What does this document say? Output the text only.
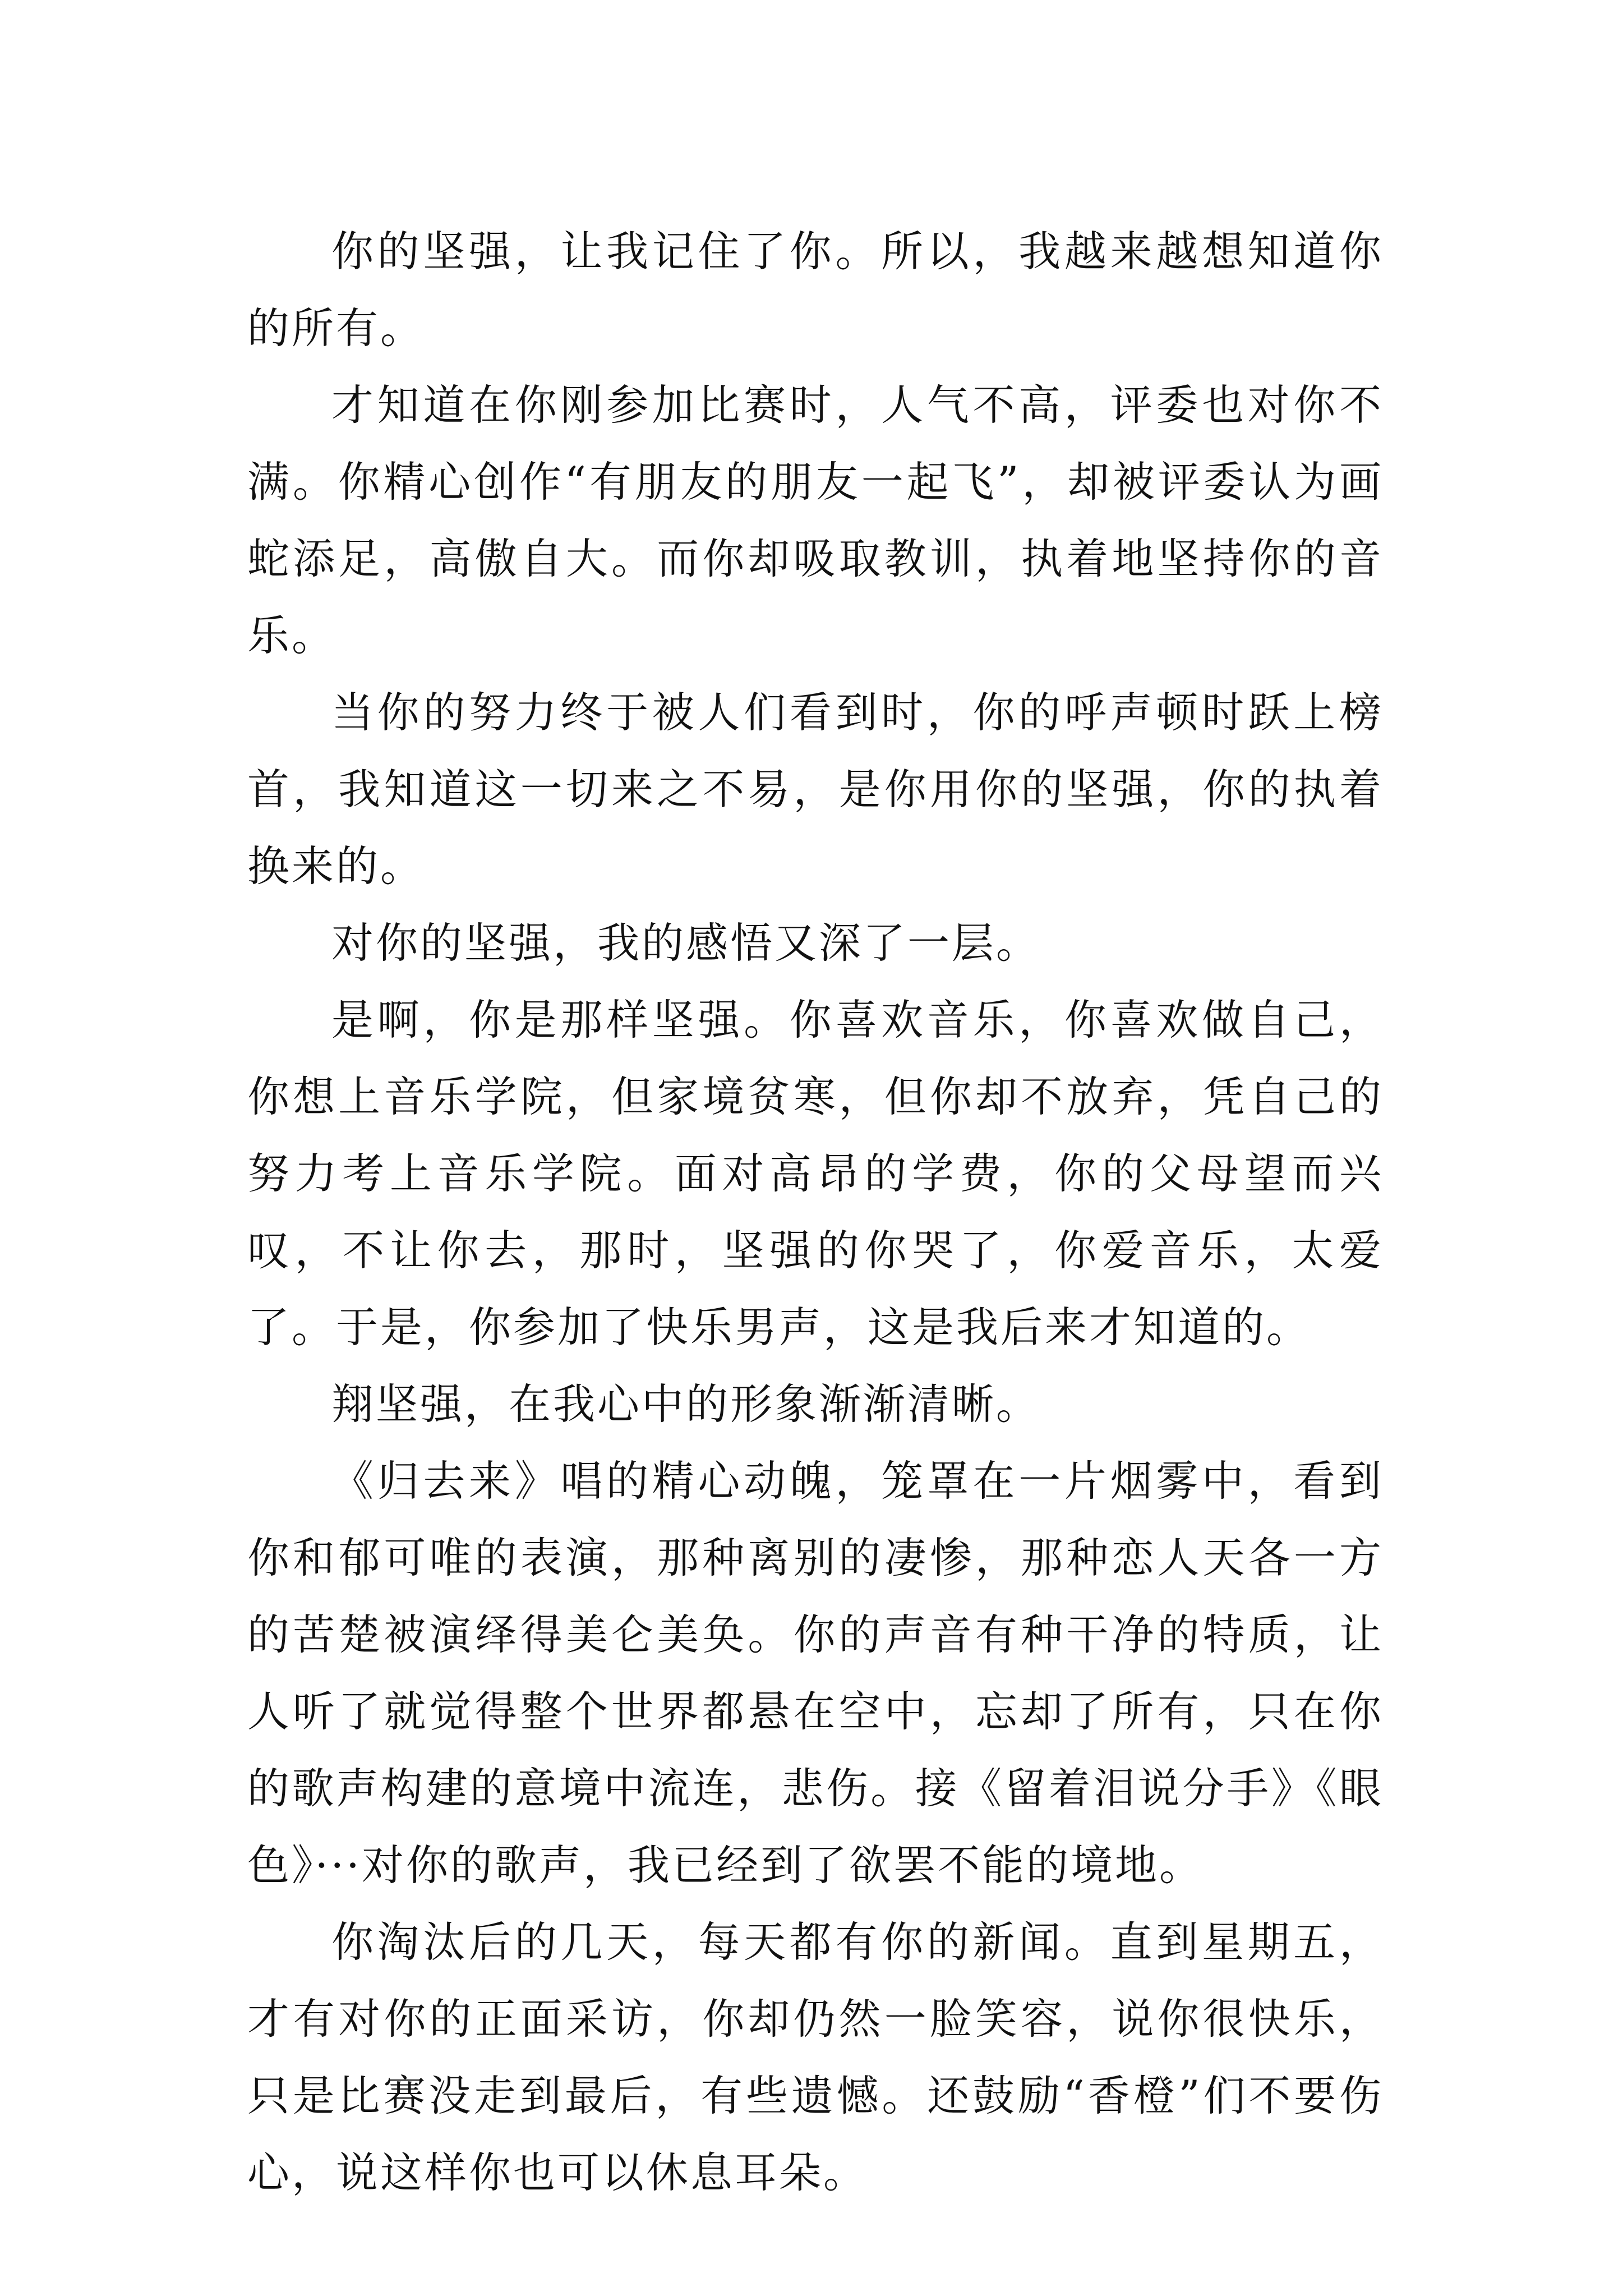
你的坚强，让我记住了你。所以，我越来越想知道你的所有。

才知道在你刚参加比赛时，人气不高，评委也对你不满。你精心创作“有朋友的朋友一起飞”，却被评委认为画蛇添足，高傲自大。而你却吸取教训，执着地坚持你的音乐。

当你的努力终于被人们看到时，你的呼声顿时跃上榜首，我知道这一切来之不易，是你用你的坚强，你的执着换来的。

对你的坚强，我的感悟又深了一层。

是啊，你是那样坚强。你喜欢音乐，你喜欢做自己，你想上音乐学院，但家境贫寒，但你却不放弃，凭自己的努力考上音乐学院。面对高昂的学费，你的父母望而兴叹，不让你去，那时，坚强的你哭了，你爱音乐，太爱了。于是，你参加了快乐男声，这是我后来才知道的。

翔坚强，在我心中的形象渐渐清晰。

《归去来》唱的精心动魄，笼罩在一片烟雾中，看到你和郁可唯的表演，那种离别的凄惨，那种恋人天各一方的苦楚被演绎得美仑美奂。你的声音有种干净的特质，让人听了就觉得整个世界都悬在空中，忘却了所有，只在你的歌声构建的意境中流连，悲伤。接《留着泪说分手》《眼色》···对你的歌声，我已经到了欲罢不能的境地。

你淘汰后的几天，每天都有你的新闻。直到星期五，才有对你的正面采访，你却仍然一脸笑容，说你很快乐，只是比赛没走到最后，有些遗憾。还鼓励“香橙”们不要伤心，说这样你也可以休息耳朵。
